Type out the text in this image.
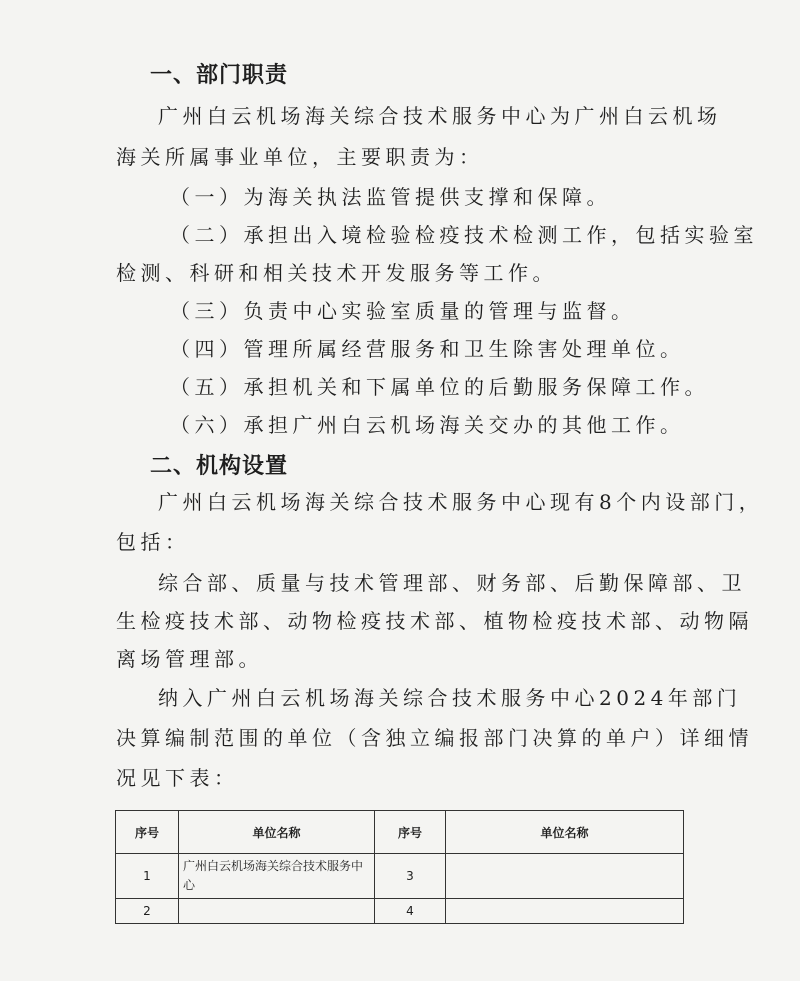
一、部门职责
广州白云机场海关综合技术服务中心为广州白云机场
海关所属事业单位，主要职责为：
（一）为海关执法监管提供支撑和保障。
（二）承担出入境检验检疫技术检测工作，包括实验室
检测、科研和相关技术开发服务等工作。
（三）负责中心实验室质量的管理与监督。
（四）管理所属经营服务和卫生除害处理单位。
（五）承担机关和下属单位的后勤服务保障工作。
（六）承担广州白云机场海关交办的其他工作。
二、机构设置
广州白云机场海关综合技术服务中心现有8个内设部门，
包括：
综合部、质量与技术管理部、财务部、后勤保障部、卫
生检疫技术部、动物检疫技术部、植物检疫技术部、动物隔
离场管理部。
纳入广州白云机场海关综合技术服务中心2024年部门
决算编制范围的单位（含独立编报部门决算的单户）详细情
况见下表：
序号	单位名称	序号	单位名称
1	广州白云机场海关综合技术服务中心	3	
2		4	
